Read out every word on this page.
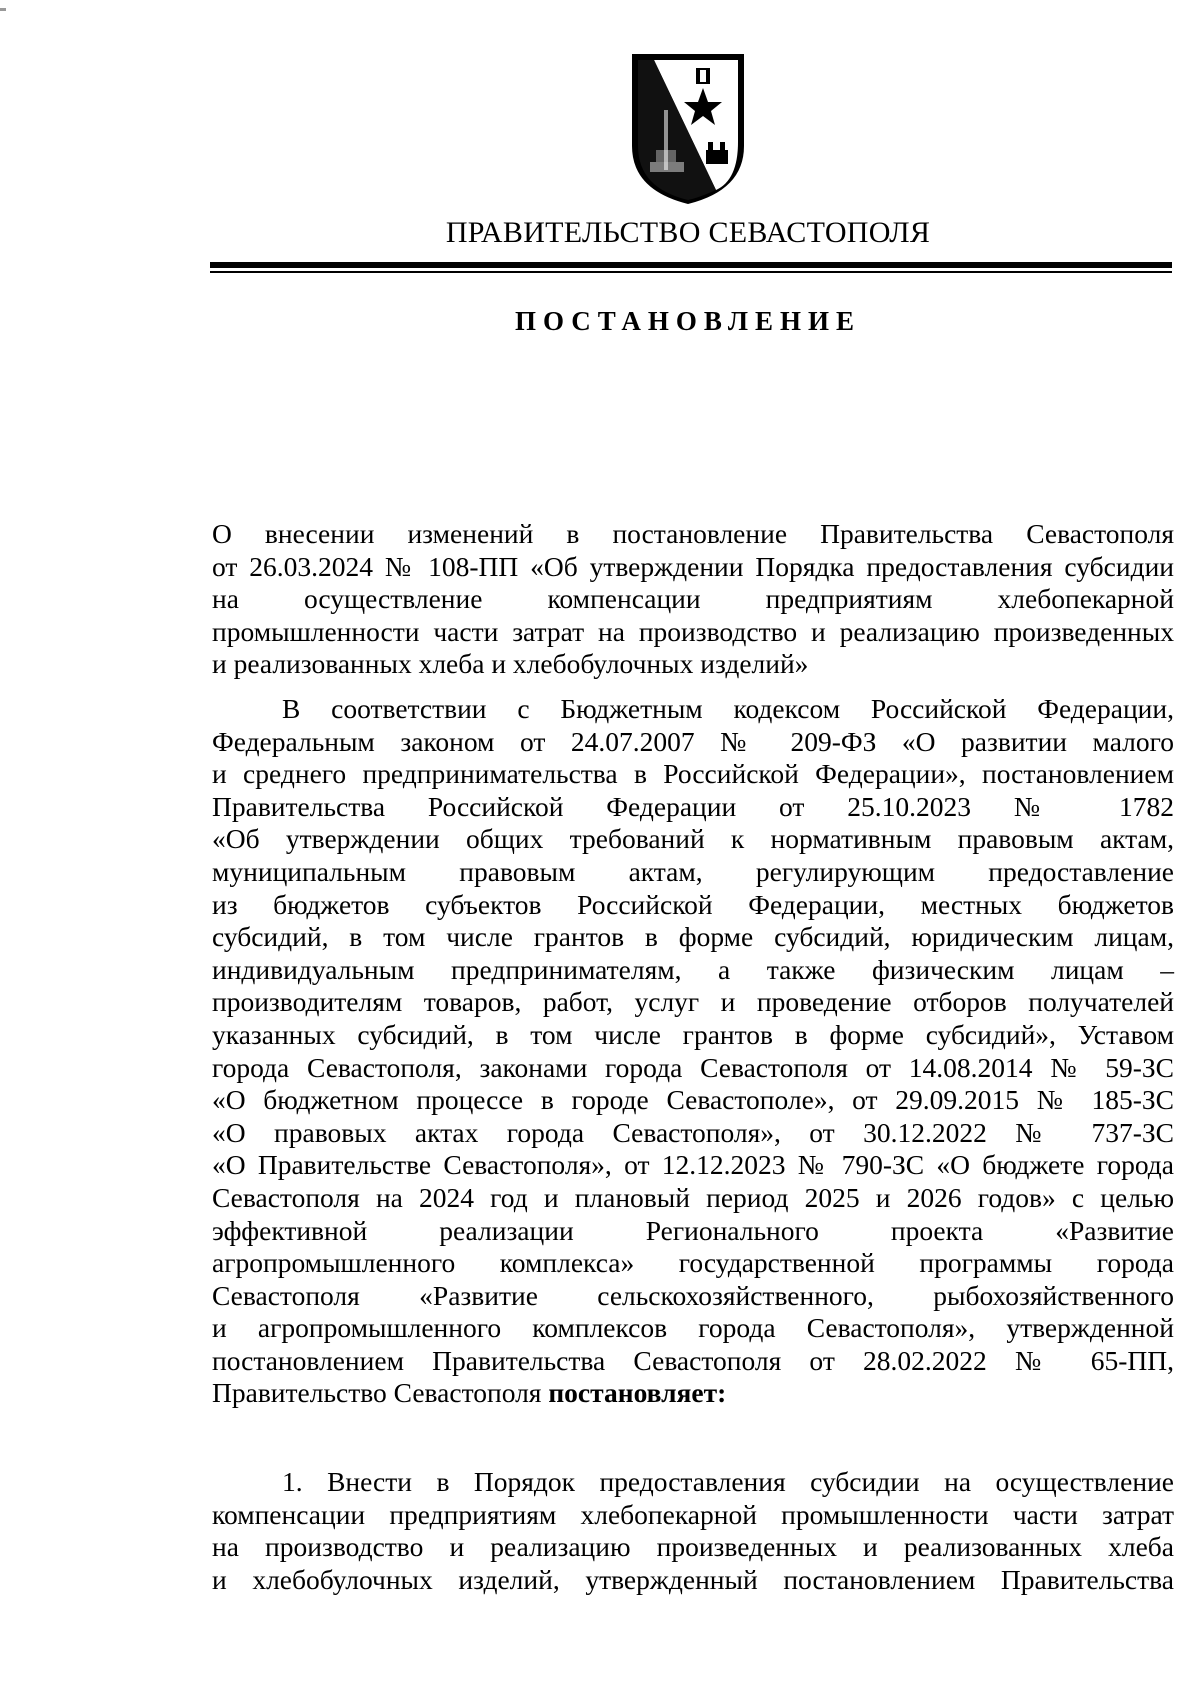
ПРАВИТЕЛЬСТВО СЕВАСТОПОЛЯ
ПОСТАНОВЛЕНИЕ
О внесении изменений в постановление Правительства Севастополя
от 26.03.2024 № 108-ПП «Об утверждении Порядка предоставления субсидии
на осуществление компенсации предприятиям хлебопекарной
промышленности части затрат на производство и реализацию произведенных
и реализованных хлеба и хлебобулочных изделий»
В соответствии с Бюджетным кодексом Российской Федерации,
Федеральным законом от 24.07.2007 № 209-ФЗ «О развитии малого
и среднего предпринимательства в Российской Федерации», постановлением
Правительства Российской Федерации от 25.10.2023 № 1782
«Об утверждении общих требований к нормативным правовым актам,
муниципальным правовым актам, регулирующим предоставление
из бюджетов субъектов Российской Федерации, местных бюджетов
субсидий, в том числе грантов в форме субсидий, юридическим лицам,
индивидуальным предпринимателям, а также физическим лицам –
производителям товаров, работ, услуг и проведение отборов получателей
указанных субсидий, в том числе грантов в форме субсидий», Уставом
города Севастополя, законами города Севастополя от 14.08.2014 № 59-ЗС
«О бюджетном процессе в городе Севастополе», от 29.09.2015 № 185-ЗС
«О правовых актах города Севастополя», от 30.12.2022 № 737-ЗС
«О Правительстве Севастополя», от 12.12.2023 № 790-ЗС «О бюджете города
Севастополя на 2024 год и плановый период 2025 и 2026 годов» с целью
эффективной реализации Регионального проекта «Развитие
агропромышленного комплекса» государственной программы города
Севастополя «Развитие сельскохозяйственного, рыбохозяйственного
и агропромышленного комплексов города Севастополя», утвержденной
постановлением Правительства Севастополя от 28.02.2022 № 65-ПП,
Правительство Севастополя постановляет:
1. Внести в Порядок предоставления субсидии на осуществление
компенсации предприятиям хлебопекарной промышленности части затрат
на производство и реализацию произведенных и реализованных хлеба
и хлебобулочных изделий, утвержденный постановлением Правительства
